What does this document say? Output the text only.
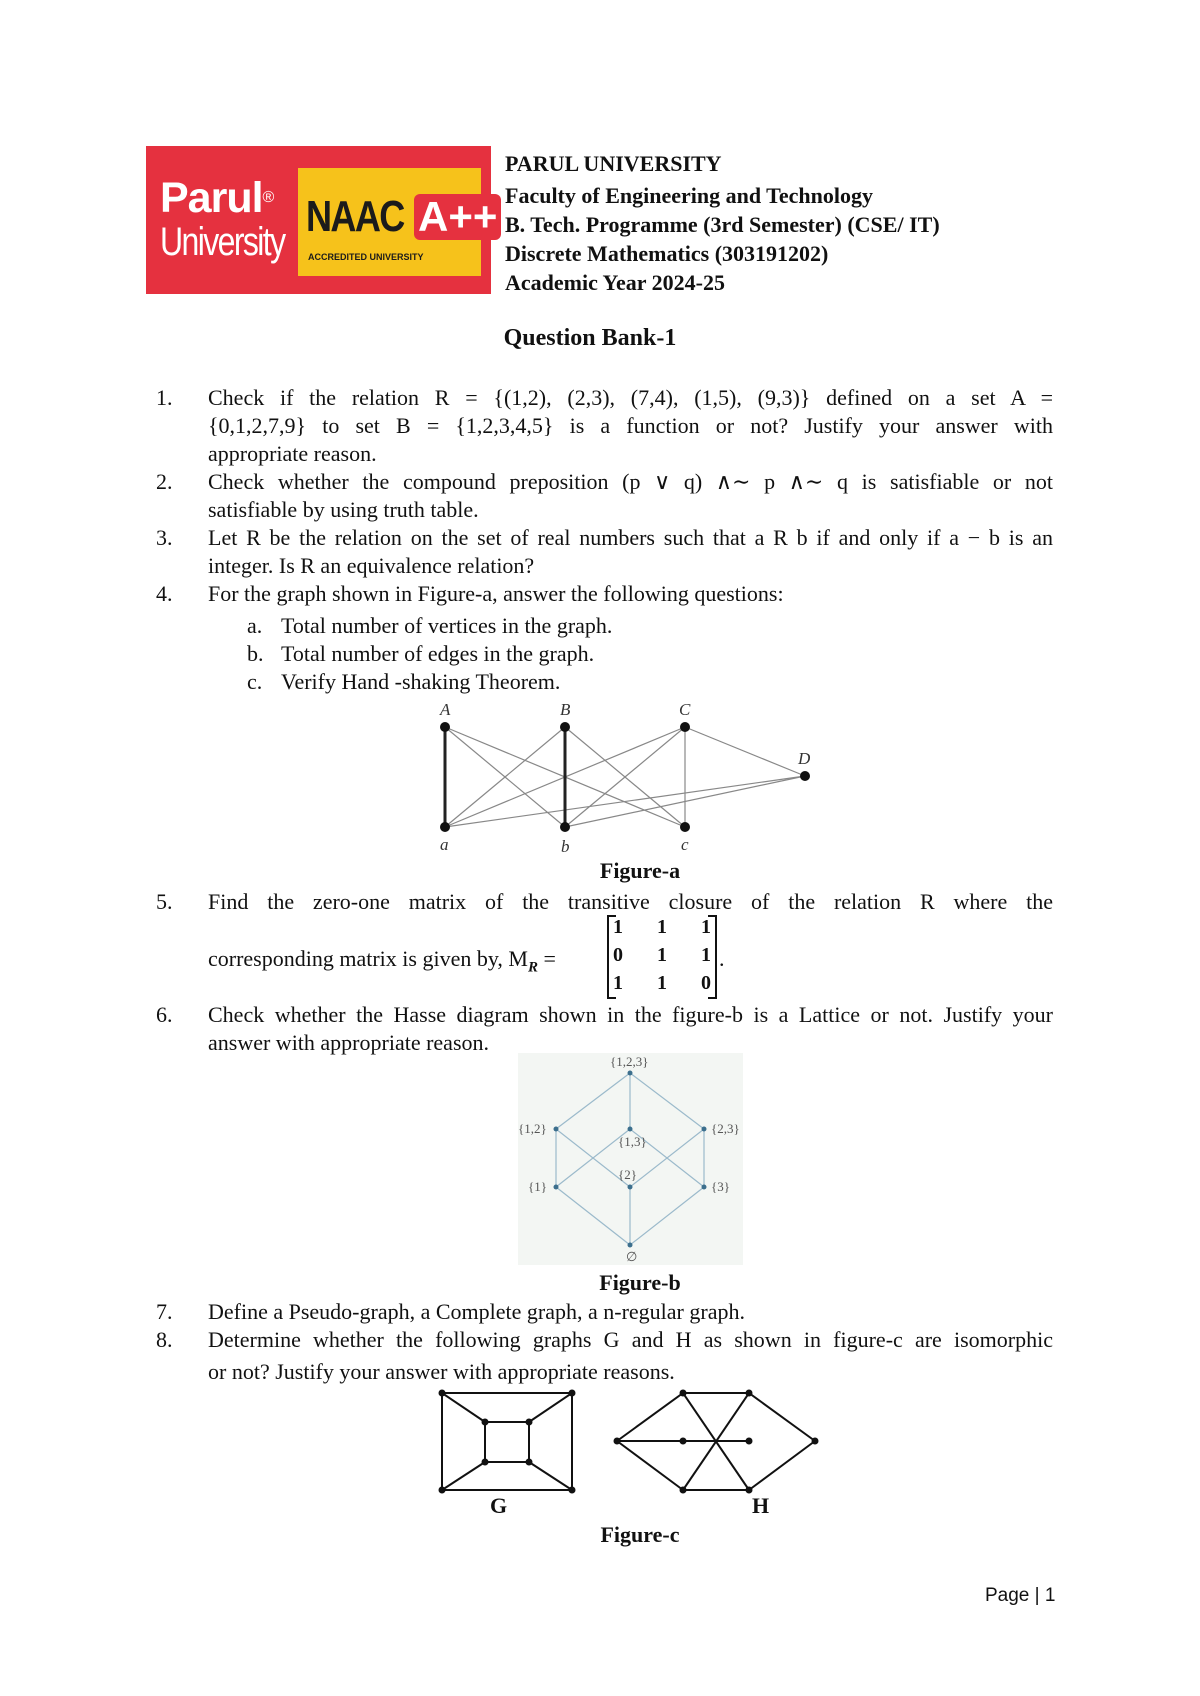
Parul®
University
NAAC A++
ACCREDITED UNIVERSITY
PARUL UNIVERSITY
Faculty of Engineering and Technology
B. Tech. Programme (3rd Semester) (CSE/ IT)
Discrete Mathematics (303191202)
Academic Year 2024-25
Question Bank-1
1. Check if the relation R = {(1,2), (2,3), (7,4), (1,5), (9,3)} defined on a set A =
{0,1,2,7,9} to set B = {1,2,3,4,5} is a function or not? Justify your answer with
appropriate reason.
2. Check whether the compound preposition (p ∨ q) ∧∼ p ∧∼ q is satisfiable or not
satisfiable by using truth table.
3. Let R be the relation on the set of real numbers such that a R b if and only if a − b is an
integer. Is R an equivalence relation?
4. For the graph shown in Figure-a, answer the following questions:
a. Total number of vertices in the graph.
b. Total number of edges in the graph.
c. Verify Hand -shaking Theorem.
A	B	C
D
a	b	c
Figure-a
5. Find the zero-one matrix of the transitive closure of the relation R where the
corresponding matrix is given by, $M_R$ =
1 1 1
0 1 1
1 1 0
.
6. Check whether the Hasse diagram shown in the figure-b is a Lattice or not. Justify your
answer with appropriate reason.
{1,2,3}
{1,2}
{1,3}
{2,3}
{1}
{2}
{3}
∅
Figure-b
7. Define a Pseudo-graph, a Complete graph, a n-regular graph.
8. Determine whether the following graphs G and H as shown in figure-c are isomorphic
or not? Justify your answer with appropriate reasons.
G	H
Figure-c
Page | 1
